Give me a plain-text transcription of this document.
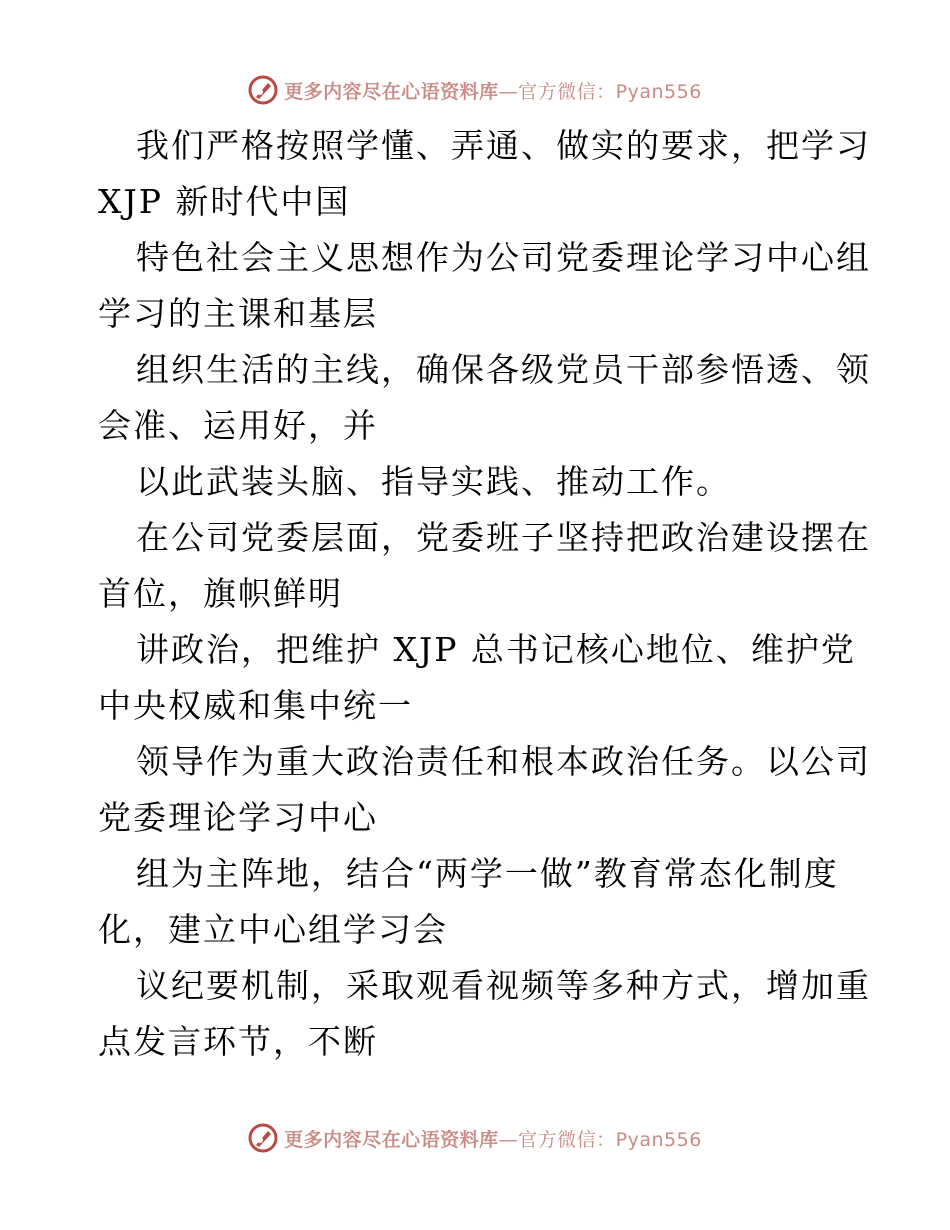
更多内容尽在心语资料库—官方微信：Pyan556
我们严格按照学懂、弄通、做实的要求，把学习
XJP 新时代中国
特色社会主义思想作为公司党委理论学习中心组
学习的主课和基层
组织生活的主线，确保各级党员干部参悟透、领
会准、运用好，并
以此武装头脑、指导实践、推动工作。
在公司党委层面，党委班子坚持把政治建设摆在
首位，旗帜鲜明
讲政治，把维护 XJP 总书记核心地位、维护党
中央权威和集中统一
领导作为重大政治责任和根本政治任务。以公司
党委理论学习中心
组为主阵地，结合“两学一做”教育常态化制度
化，建立中心组学习会
议纪要机制，采取观看视频等多种方式，增加重
点发言环节，不断
更多内容尽在心语资料库—官方微信：Pyan556
